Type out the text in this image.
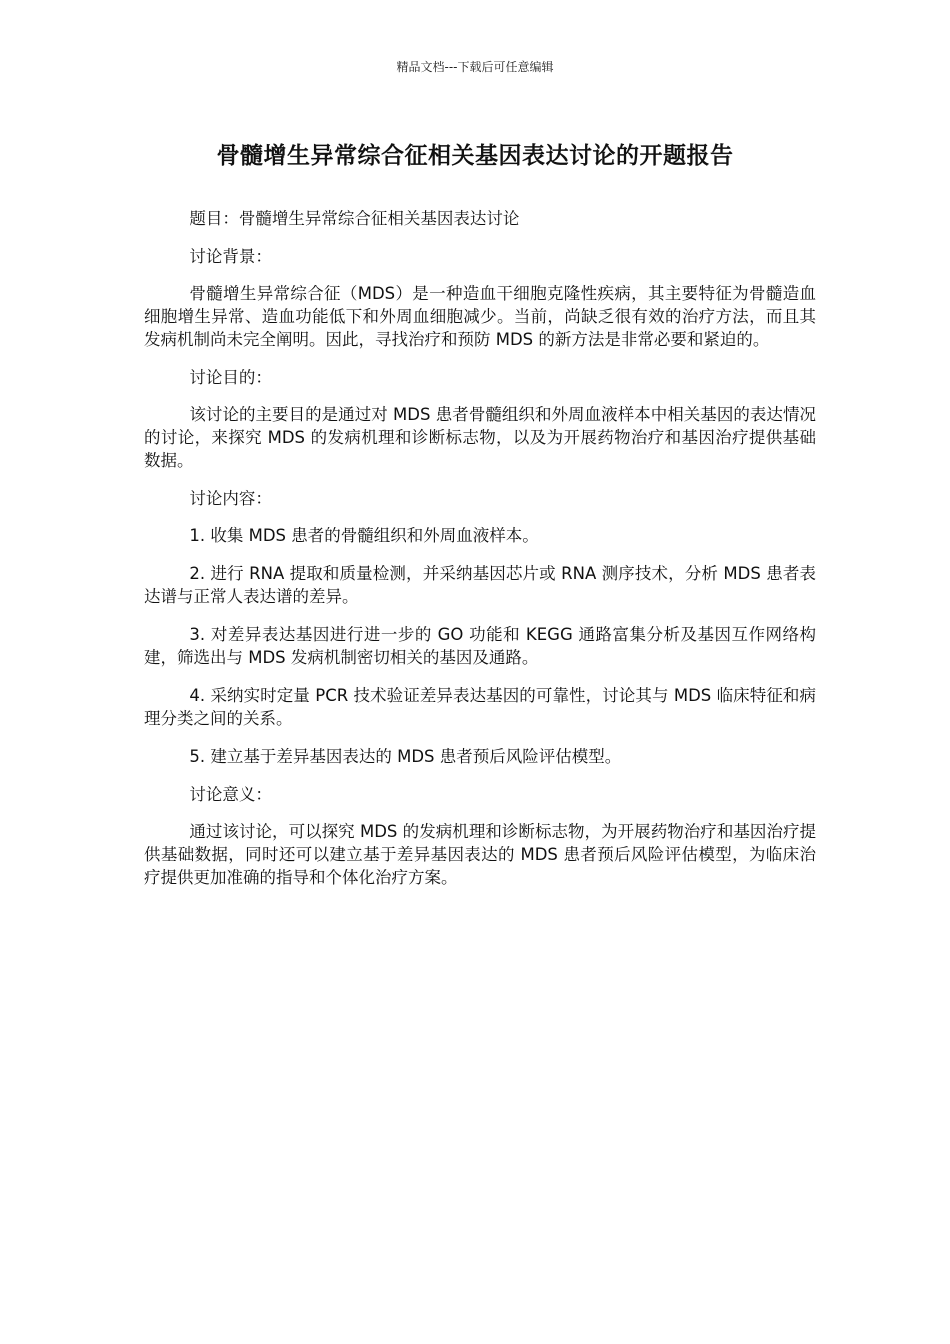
精品文档---下载后可任意编辑
骨髓增生异常综合征相关基因表达讨论的开题报告

题目：骨髓增生异常综合征相关基因表达讨论

讨论背景：

骨髓增生异常综合征（MDS）是一种造血干细胞克隆性疾病，其主要特征为骨髓造血细胞增生异常、造血功能低下和外周血细胞减少。当前，尚缺乏很有效的治疗方法，而且其发病机制尚未完全阐明。因此，寻找治疗和预防 MDS 的新方法是非常必要和紧迫的。

讨论目的：

该讨论的主要目的是通过对 MDS 患者骨髓组织和外周血液样本中相关基因的表达情况的讨论，来探究 MDS 的发病机理和诊断标志物，以及为开展药物治疗和基因治疗提供基础数据。

讨论内容：

1. 收集 MDS 患者的骨髓组织和外周血液样本。

2. 进行 RNA 提取和质量检测，并采纳基因芯片或 RNA 测序技术，分析 MDS 患者表达谱与正常人表达谱的差异。

3. 对差异表达基因进行进一步的 GO 功能和 KEGG 通路富集分析及基因互作网络构建，筛选出与 MDS 发病机制密切相关的基因及通路。

4. 采纳实时定量 PCR 技术验证差异表达基因的可靠性，讨论其与 MDS 临床特征和病理分类之间的关系。

5. 建立基于差异基因表达的 MDS 患者预后风险评估模型。

讨论意义：

通过该讨论，可以探究 MDS 的发病机理和诊断标志物，为开展药物治疗和基因治疗提供基础数据，同时还可以建立基于差异基因表达的 MDS 患者预后风险评估模型，为临床治疗提供更加准确的指导和个体化治疗方案。
